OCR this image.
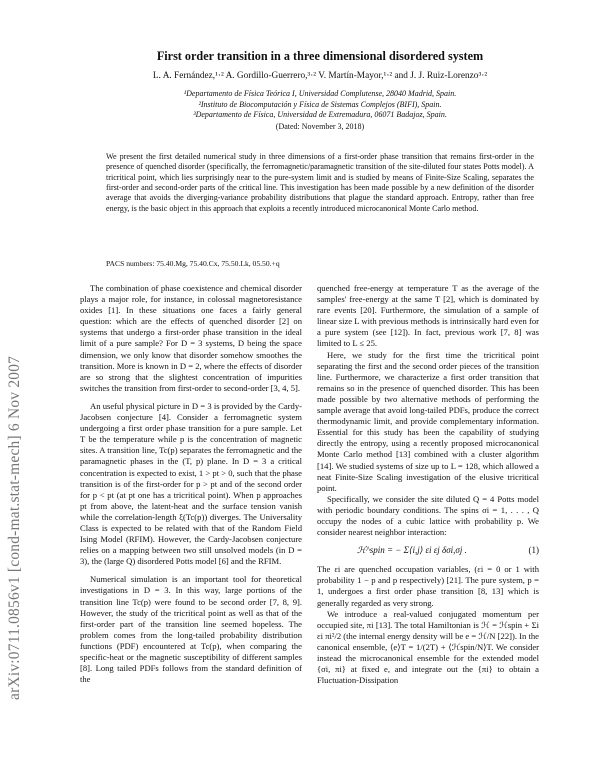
arXiv:0711.0856v1 [cond-mat.stat-mech] 6 Nov 2007
First order transition in a three dimensional disordered system
L. A. Fernández,¹·² A. Gordillo-Guerrero,³·² V. Martín-Mayor,¹·² and J. J. Ruiz-Lorenzo³·²
¹Departamento de Física Teórica I, Universidad Complutense, 28040 Madrid, Spain.
²Instituto de Biocomputación y Física de Sistemas Complejos (BIFI), Spain.
³Departamento de Física, Universidad de Extremadura, 06071 Badajoz, Spain.
(Dated: November 3, 2018)

We present the first detailed numerical study in three dimensions of a first-order phase transition that remains first-order in the presence of quenched disorder (specifically, the ferromagnetic/paramagnetic transition of the site-diluted four states Potts model). A tricritical point, which lies surprisingly near to the pure-system limit and is studied by means of Finite-Size Scaling, separates the first-order and second-order parts of the critical line. This investigation has been made possible by a new definition of the disorder average that avoids the diverging-variance probability distributions that plague the standard approach. Entropy, rather than free energy, is the basic object in this approach that exploits a recently introduced microcanonical Monte Carlo method.

PACS numbers: 75.40.Mg, 75.40.Cx, 75.50.Lk, 05.50.+q

The combination of phase coexistence and chemical disorder plays a major role, for instance, in colossal magnetoresistance oxides [1]. In these situations one faces a fairly general question: which are the effects of quenched disorder [2] on systems that undergo a first-order phase transition in the ideal limit of a pure sample? For D = 3 systems, D being the space dimension, we only know that disorder somehow smoothes the transition. More is known in D = 2, where the effects of disorder are so strong that the slightest concentration of impurities switches the transition from first-order to second-order [3, 4, 5].

An useful physical picture in D = 3 is provided by the Cardy-Jacobsen conjecture [4]. Consider a ferromagnetic system undergoing a first order phase transition for a pure sample. Let T be the temperature while p is the concentration of magnetic sites. A transition line, Tc(p) separates the ferromagnetic and the paramagnetic phases in the (T, p) plane. In D = 3 a critical concentration is expected to exist, 1 > pt > 0, such that the phase transition is of the first-order for p > pt and of the second order for p < pt (at pt one has a tricritical point). When p approaches pt from above, the latent-heat and the surface tension vanish while the correlation-length ξ(Tc(p)) diverges. The Universality Class is expected to be related with that of the Random Field Ising Model (RFIM). However, the Cardy-Jacobsen conjecture relies on a mapping between two still unsolved models (in D = 3), the (large Q) disordered Potts model [6] and the RFIM.

Numerical simulation is an important tool for theoretical investigations in D = 3. In this way, large portions of the transition line Tc(p) were found to be second order [7, 8, 9]. However, the study of the tricritical point as well as that of the first-order part of the transition line seemed hopeless. The problem comes from the long-tailed probability distribution functions (PDF) encountered at Tc(p), when comparing the specific-heat or the magnetic susceptibility of different samples [8]. Long tailed PDFs follows from the standard definition of the

quenched free-energy at temperature T as the average of the samples' free-energy at the same T [2], which is dominated by rare events [20]. Furthermore, the simulation of a sample of linear size L with previous methods is intrinsically hard even for a pure system (see [12]). In fact, previous work [7, 8] was limited to L ≤ 25.

Here, we study for the first time the tricritical point separating the first and the second order pieces of the transition line. Furthermore, we characterize a first order transition that remains so in the presence of quenched disorder. This has been made possible by two alternative methods of performing the sample average that avoid long-tailed PDFs, produce the correct thermodynamic limit, and provide complementary information. Essential for this study has been the capability of studying directly the entropy, using a recently proposed microcanonical Monte Carlo method [13] combined with a cluster algorithm [14]. We studied systems of size up to L = 128, which allowed a neat Finite-Size Scaling investigation of the elusive tricritical point.

Specifically, we consider the site diluted Q = 4 Potts model with periodic boundary conditions. The spins σi = 1, . . . , Q occupy the nodes of a cubic lattice with probability p. We consider nearest neighbor interaction:

ℋ^spin = − Σ⟨i,j⟩ εi εj δσi,σj .	(1)

The εi are quenched occupation variables, (εi = 0 or 1 with probability 1 − p and p respectively) [21]. The pure system, p = 1, undergoes a first order phase transition [8, 13] which is generally regarded as very strong.

We introduce a real-valued conjugated momentum per occupied site, πi [13]. The total Hamiltonian is ℋ = ℋspin + Σi εi πi²/2 (the internal energy density will be e = ℋ/N [22]). In the canonical ensemble, ⟨e⟩T = 1/(2T) + ⟨ℋspin/N⟩T. We consider instead the microcanonical ensemble for the extended model {σi, πi} at fixed e, and integrate out the {πi} to obtain a Fluctuation-Dissipation
